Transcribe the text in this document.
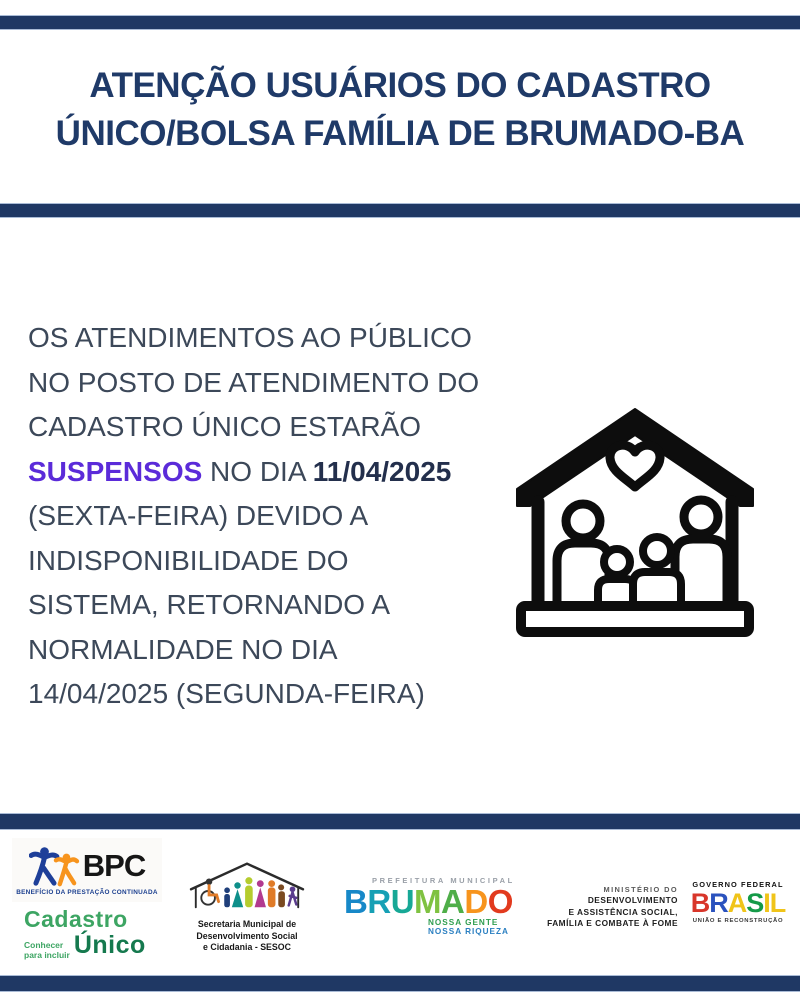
ATENÇÃO USUÁRIOS DO CADASTRO
ÚNICO/BOLSA FAMÍLIA DE BRUMADO-BA
OS ATENDIMENTOS AO PÚBLICO
NO POSTO DE ATENDIMENTO DO
CADASTRO ÚNICO ESTARÃO
SUSPENSOS NO DIA 11/04/2025
(SEXTA-FEIRA) DEVIDO A
INDISPONIBILIDADE DO
SISTEMA, RETORNANDO A
NORMALIDADE NO DIA
14/04/2025 (SEGUNDA-FEIRA)
BPC
BENEFÍCIO DA PRESTAÇÃO CONTINUADA
Cadastro
Conhecer
para incluir Único
Secretaria Municipal de
Desenvolvimento Social
e Cidadania - SESOC
PREFEITURA MUNICIPAL
BRUMADO
NOSSA GENTE
NOSSA RIQUEZA
MINISTÉRIO DO
DESENVOLVIMENTO
E ASSISTÊNCIA SOCIAL,
FAMÍLIA E COMBATE À FOME
GOVERNO FEDERAL
BRASIL
UNIÃO E RECONSTRUÇÃO
